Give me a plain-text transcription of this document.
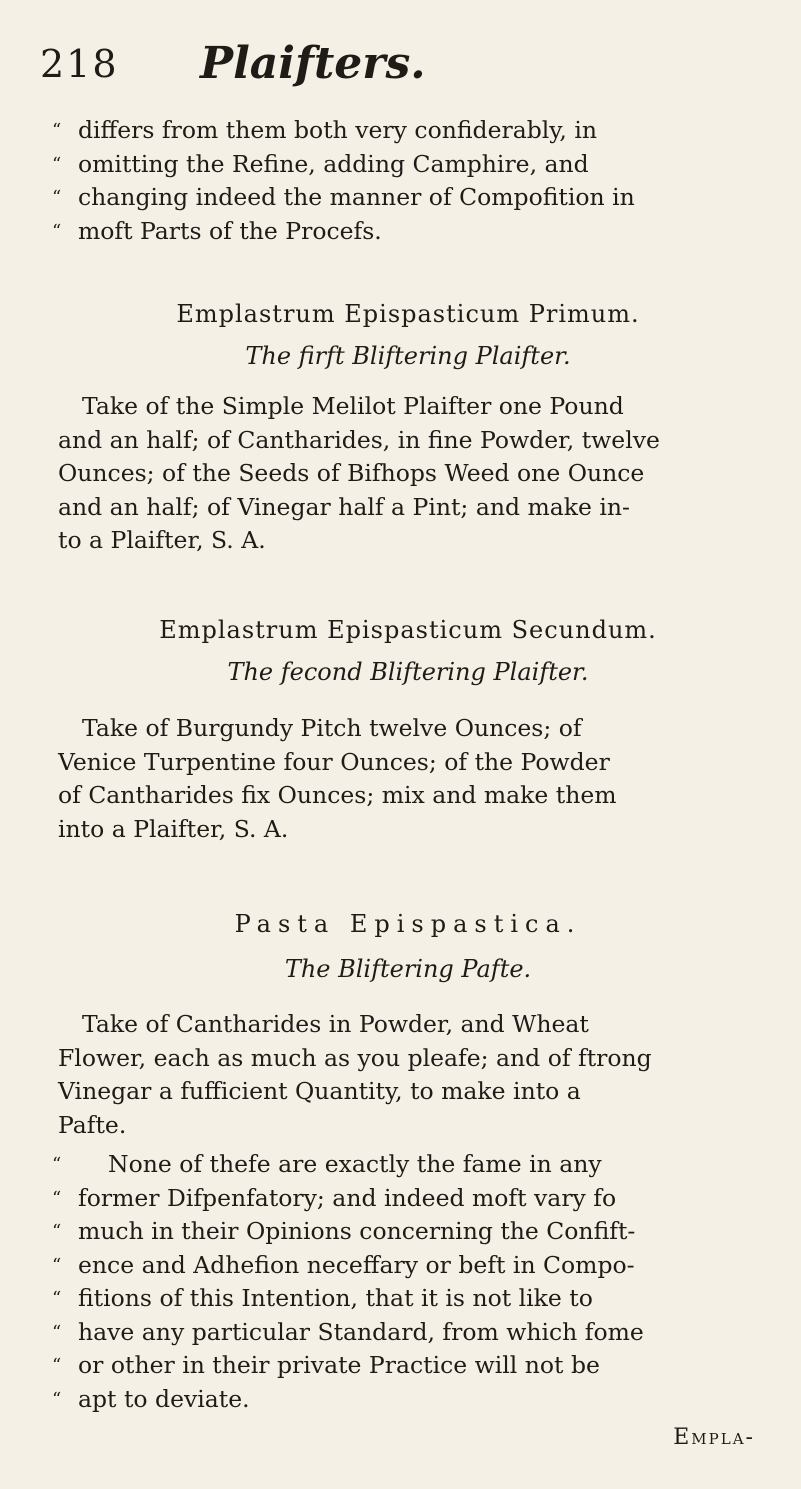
218 Plaifters.
“ differs from them both very confiderably, in
“ omitting the Refine, adding Camphire, and
“ changing indeed the manner of Compofition in
“ moft Parts of the Procefs.
Emplastrum Epispasticum Primum.
The firft Bliftering Plaifter.
Take of the Simple Melilot Plaifter one Pound
and an half; of Cantharides, in fine Powder, twelve
Ounces; of the Seeds of Bifhops Weed one Ounce
and an half; of Vinegar half a Pint; and make in-
to a Plaifter, S. A.
Emplastrum Epispasticum Secundum.
The fecond Bliftering Plaifter.
Take of Burgundy Pitch twelve Ounces; of
Venice Turpentine four Ounces; of the Powder
of Cantharides fix Ounces; mix and make them
into a Plaifter, S. A.
Pasta Epispastica.
The Bliftering Pafte.
Take of Cantharides in Powder, and Wheat
Flower, each as much as you pleafe; and of ftrong
Vinegar a fufficient Quantity, to make into a
Pafte.
“ None of thefe are exactly the fame in any
“ former Difpenfatory; and indeed moft vary fo
“ much in their Opinions concerning the Confift-
“ ence and Adhefion neceffary or beft in Compo-
“ fitions of this Intention, that it is not like to
“ have any particular Standard, from which fome
“ or other in their private Practice will not be
“ apt to deviate.
Empla-
